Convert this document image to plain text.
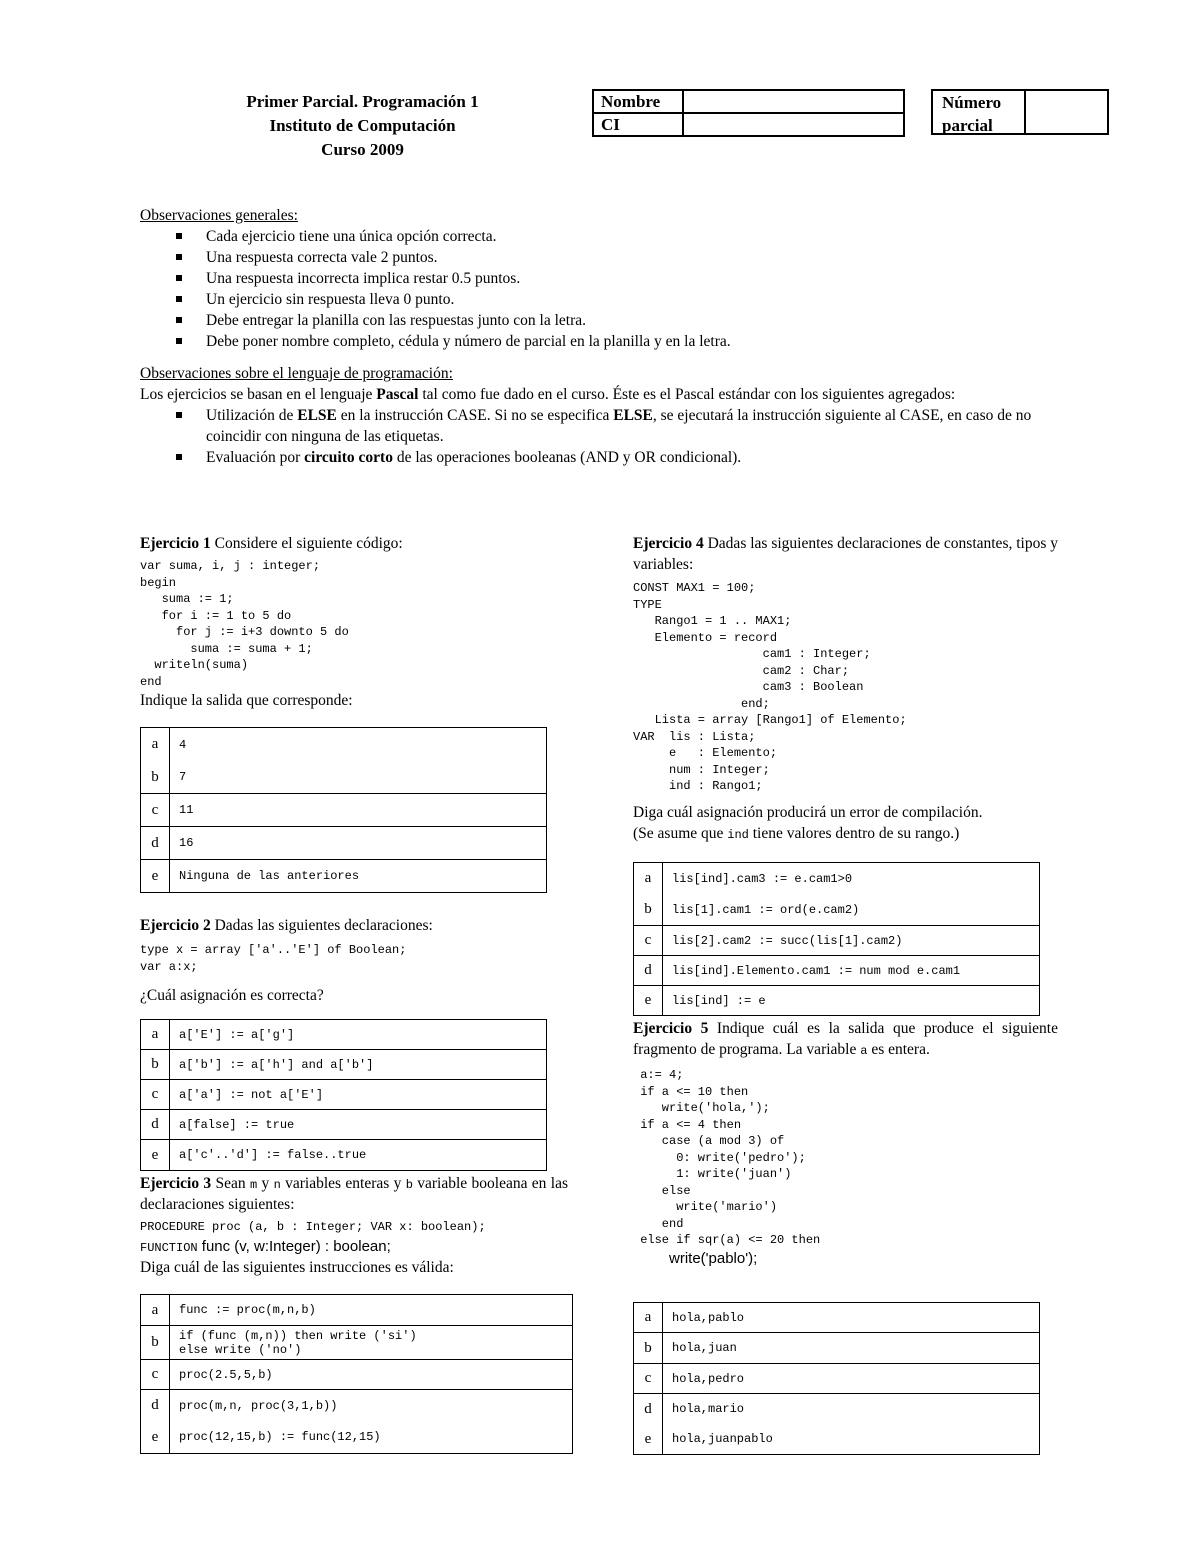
Primer Parcial. Programación 1
Instituto de Computación
Curso 2009
Nombre	
CI	
Número
parcial
Observaciones generales:
Cada ejercicio tiene una única opción correcta.
Una respuesta correcta vale 2 puntos.
Una respuesta incorrecta implica restar 0.5 puntos.
Un ejercicio sin respuesta lleva 0 punto.
Debe entregar la planilla con las respuestas junto con la letra.
Debe poner nombre completo, cédula y número de parcial en la planilla y en la letra.
Observaciones sobre el lenguaje de programación:

Los ejercicios se basan en el lenguaje Pascal tal como fue dado en el curso. Éste es el Pascal estándar con los siguientes agregados:

Utilización de ELSE en la instrucción CASE. Si no se especifica ELSE, se ejecutará la instrucción siguiente al CASE, en caso de no coincidir con ninguna de las etiquetas.
Evaluación por circuito corto de las operaciones booleanas (AND y OR condicional).

Ejercicio 1 Considere el siguiente código:

var suma, i, j : integer;
begin
suma := 1;
for i := 1 to 5 do
for j := i+3 downto 5 do
suma := suma + 1;
writeln(suma)
end

Indique la salida que corresponde:

a	4
b	7
c	11
d	16
e	Ninguna de las anteriores

Ejercicio 2 Dadas las siguientes declaraciones:

type x = array ['a'..'E'] of Boolean;
var a:x;

¿Cuál asignación es correcta?

a	a['E'] := a['g']
b	a['b'] := a['h'] and a['b']
c	a['a'] := not a['E']
d	a[false] := true
e	a['c'..'d'] := false..true

Ejercicio 3 Sean m y n variables enteras y b variable booleana en las declaraciones siguientes:

PROCEDURE proc (a, b : Integer; VAR x: boolean);
FUNCTION func (v, w:Integer) : boolean;

Diga cuál de las siguientes instrucciones es válida:

a	func := proc(m,n,b)
b	if (func (m,n)) then write ('si')
else write ('no')
c	proc(2.5,5,b)
d	proc(m,n, proc(3,1,b))
e	proc(12,15,b) := func(12,15)

Ejercicio 4 Dadas las siguientes declaraciones de constantes, tipos y variables:

CONST MAX1 = 100;
TYPE
Rango1 = 1 .. MAX1;
Elemento = record
cam1 : Integer;
cam2 : Char;
cam3 : Boolean
end;
Lista = array [Rango1] of Elemento;
VAR  lis : Lista;
e   : Elemento;
num : Integer;
ind : Rango1;

Diga cuál asignación producirá un error de compilación.

(Se asume que ind tiene valores dentro de su rango.)

a	lis[ind].cam3 := e.cam1>0
b	lis[1].cam1 := ord(e.cam2)
c	lis[2].cam2 := succ(lis[1].cam2)
d	lis[ind].Elemento.cam1 := num mod e.cam1
e	lis[ind] := e

Ejercicio 5 Indique cuál es la salida que produce el siguiente fragmento de programa. La variable a es entera.

a:= 4;
if a <= 10 then
write('hola,');
if a <= 4 then
case (a mod 3) of
0: write('pedro');
1: write('juan')
else
write('mario')
end
else if sqr(a) <= 20 then
write('pablo');
a	hola,pablo
b	hola,juan
c	hola,pedro
d	hola,mario
e	hola,juanpablo
